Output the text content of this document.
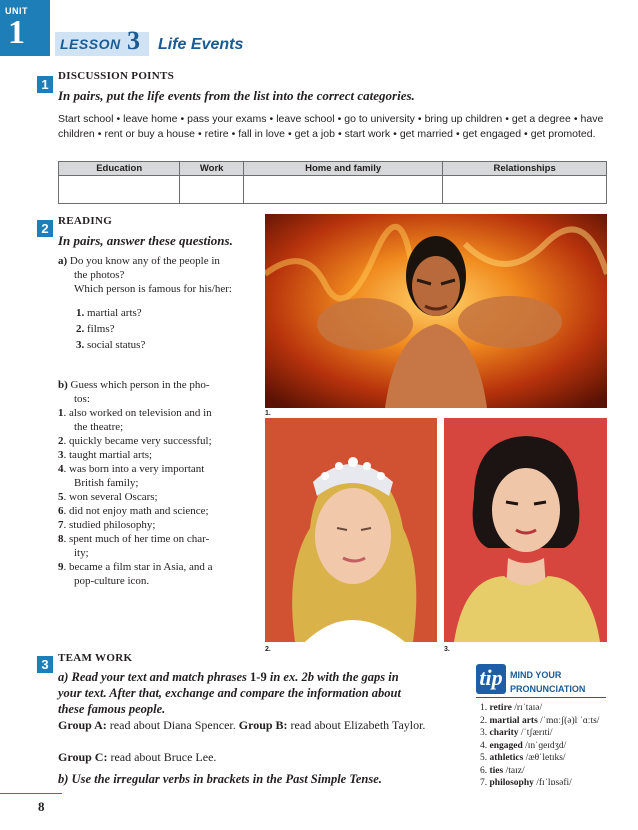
UNIT
1	LESSON 3 Life Events
1
DISCUSSION POINTS
In pairs, put the life events from the list into the correct categories.
Start school • leave home • pass your exams • leave school • go to university • bring up children • get a degree • have children • rent or buy a house • retire • fall in love • get a job • start work • get married • get engaged • get promoted.
Education	Work	Home and family	Relationships

2 READING
In pairs, answer these questions.
a) Do you know any of the people in
the photos?
Which person is famous for his/her:
1. martial arts?
2. films?
3. social status?
b) Guess which person in the pho-
tos:
1. also worked on television and in
the theatre;
2. quickly became very successful;
3. taught martial arts;
4. was born into a very important
British family;
5. won several Oscars;
6. did not enjoy math and science;
7. studied philosophy;
8. spent much of her time on char-
ity;
9. became a film star in Asia, and a
pop-culture icon.
1.
2.	3.
3 TEAM WORK
a) Read your text and match phrases 1-9 in ex. 2b with the gaps in
your text. After that, exchange and compare the information about
these famous people.
Group A: read about Diana Spencer. Group B: read about Elizabeth Taylor.
Group C: read about Bruce Lee.
b) Use the irregular verbs in brackets in the Past Simple Tense.
tip MIND YOUR
PRONUNCIATION
1. retire /rɪˈtaɪə/
2. martial arts /ˈmɑːʃ(ə)l ˈɑːts/
3. charity /ˈtʃærɪti/
4. engaged /ɪnˈɡeɪdʒd/
5. athletics /æθˈletɪks/
6. ties /taɪz/
7. philosophy /fɪˈlɒsəfi/
8
